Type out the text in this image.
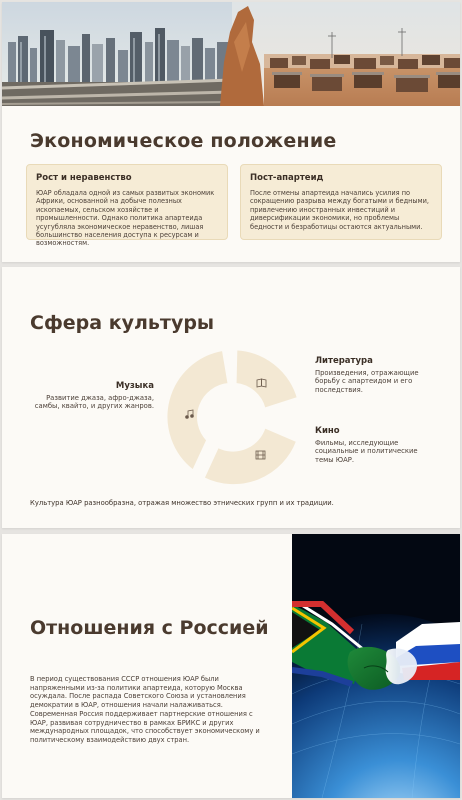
Экономическое положение
Рост и неравенство

ЮАР обладала одной из самых развитых экономик Африки, основанной на добыче полезных ископаемых, сельском хозяйстве и промышленности. Однако политика апартеида усугубляла экономическое неравенство, лишая большинство населения доступа к ресурсам и возможностям.

Пост-апартеид

После отмены апартеида начались усилия по сокращению разрыва между богатыми и бедными, привлечению иностранных инвестиций и диверсификации экономики, но проблемы бедности и безработицы остаются актуальными.

Сфера культуры
Литература
Произведения, отражающие борьбу с апартеидом и его последствия.
Кино
Фильмы, исследующие социальные и политические темы ЮАР.
Музыка
Развитие джаза, афро-джаза, самбы, квайто, и других жанров.
Культура ЮАР разнообразна, отражая множество этнических групп и их традиции.
Отношения с Россией

В период существования СССР отношения ЮАР были напряженными из-за политики апартеида, которую Москва осуждала. После распада Советского Союза и установления демократии в ЮАР, отношения начали налаживаться. Современная Россия поддерживает партнерские отношения с ЮАР, развивая сотрудничество в рамках БРИКС и других международных площадок, что способствует экономическому и политическому взаимодействию двух стран.
